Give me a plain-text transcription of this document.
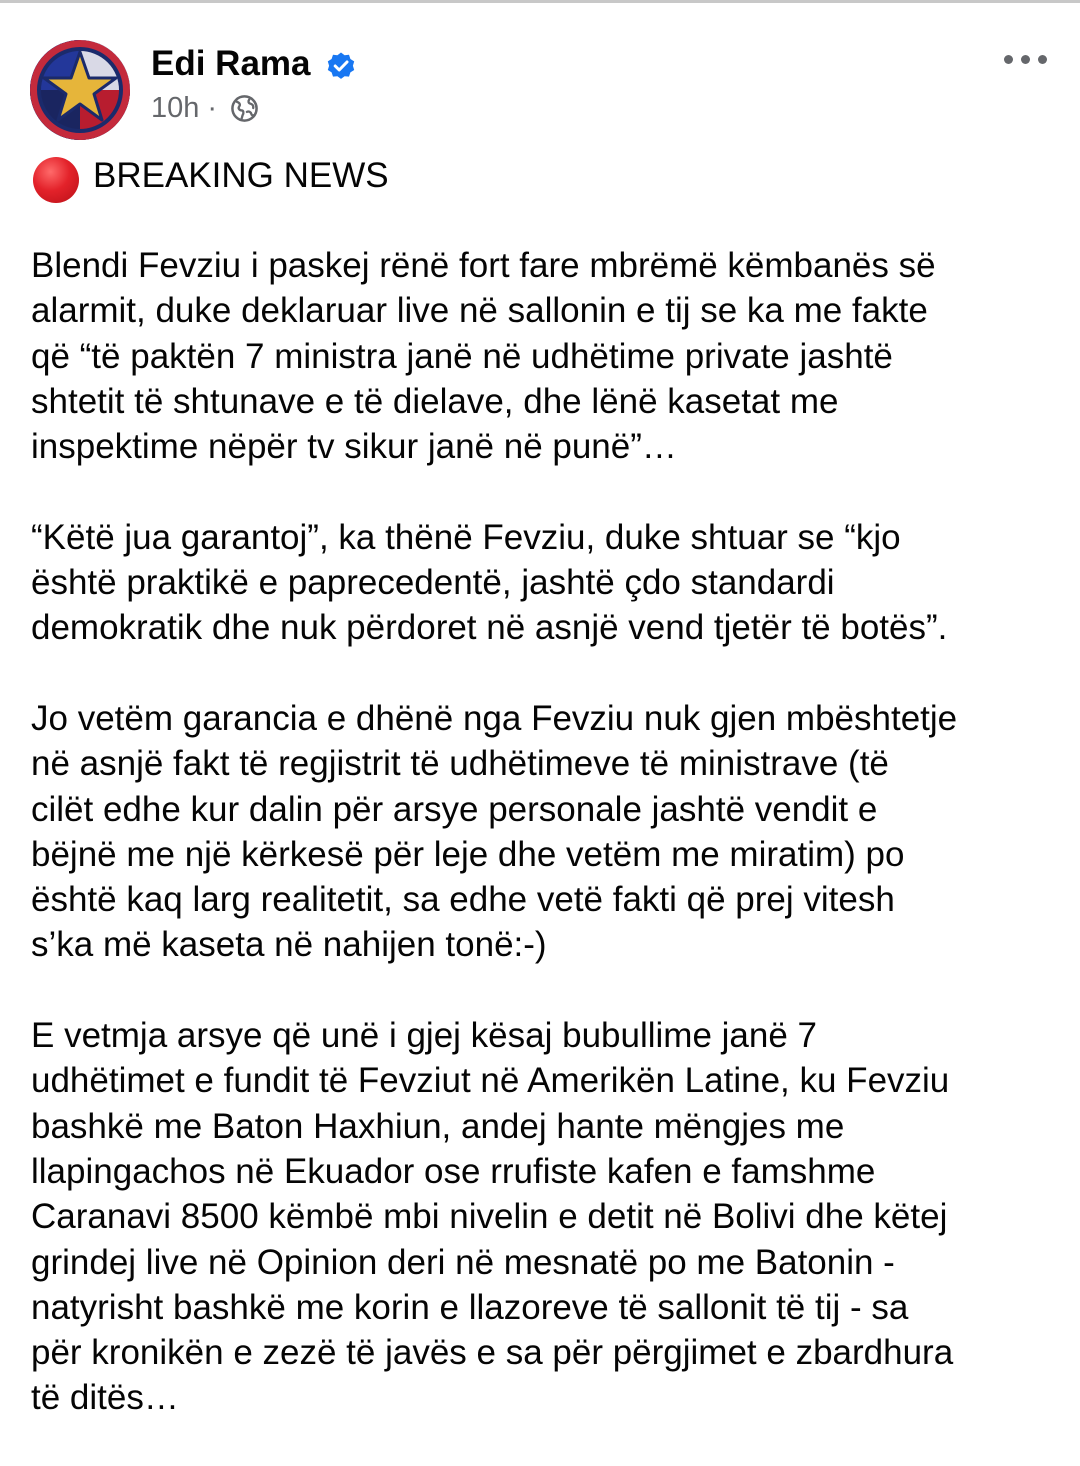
Edi Rama
10h ·
BREAKING NEWS

Blendi Fevziu i paskej rënë fort fare mbrëmë këmbanës së
alarmit, duke deklaruar live në sallonin e tij se ka me fakte
që “të paktën 7 ministra janë në udhëtime private jashtë
shtetit të shtunave e të dielave, dhe lënë kasetat me
inspektime nëpër tv sikur janë në punë”…

“Këtë jua garantoj”, ka thënë Fevziu, duke shtuar se “kjo
është praktikë e paprecedentë, jashtë çdo standardi
demokratik dhe nuk përdoret në asnjë vend tjetër të botës”.

Jo vetëm garancia e dhënë nga Fevziu nuk gjen mbështetje
në asnjë fakt të regjistrit të udhëtimeve të ministrave (të
cilët edhe kur dalin për arsye personale jashtë vendit e
bëjnë me një kërkesë për leje dhe vetëm me miratim) po
është kaq larg realitetit, sa edhe vetë fakti që prej vitesh
s’ka më kaseta në nahijen tonë:-)

E vetmja arsye që unë i gjej kësaj bubullime janë 7
udhëtimet e fundit të Fevziut në Amerikën Latine, ku Fevziu
bashkë me Baton Haxhiun, andej hante mëngjes me
llapingachos në Ekuador ose rrufiste kafen e famshme
Caranavi 8500 këmbë mbi nivelin e detit në Bolivi dhe këtej
grindej live në Opinion deri në mesnatë po me Batonin -
natyrisht bashkë me korin e llazoreve të sallonit të tij - sa
për kronikën e zezë të javës e sa për përgjimet e zbardhura
të ditës…
